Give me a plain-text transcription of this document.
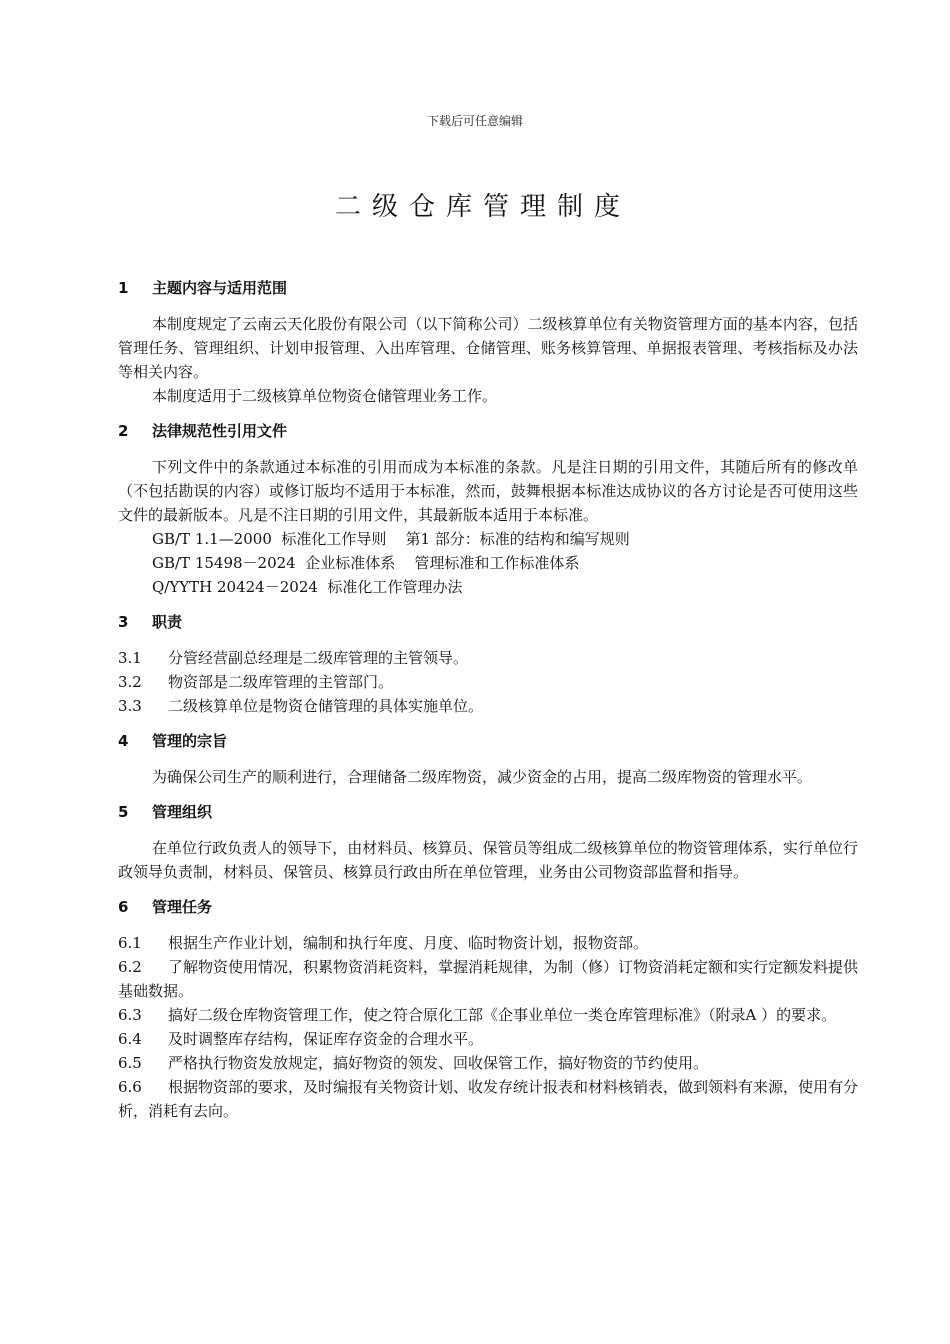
下载后可任意编辑
二级仓库管理制度
1	主题内容与适用范围

本制度规定了云南云天化股份有限公司（以下简称公司）二级核算单位有关物资管理方面的基本内容，包括管理任务、管理组织、计划申报管理、入出库管理、仓储管理、账务核算管理、单据报表管理、考核指标及办法等相关内容。

本制度适用于二级核算单位物资仓储管理业务工作。

2	法律规范性引用文件

下列文件中的条款通过本标准的引用而成为本标准的条款。凡是注日期的引用文件，其随后所有的修改单（不包括勘误的内容）或修订版均不适用于本标准，然而，鼓舞根据本标准达成协议的各方讨论是否可使用这些文件的最新版本。凡是不注日期的引用文件，其最新版本适用于本标准。

GB/T 1.1—2000  标准化工作导则    第1 部分：标准的结构和编写规则

GB/T 15498－2024  企业标准体系    管理标准和工作标准体系

Q/YYTH 20424－2024  标准化工作管理办法

3	职责
3.1	分管经营副总经理是二级库管理的主管领导。
3.2	物资部是二级库管理的主管部门。
3.3	二级核算单位是物资仓储管理的具体实施单位。
4	管理的宗旨

为确保公司生产的顺利进行，合理储备二级库物资，减少资金的占用，提高二级库物资的管理水平。

5	管理组织

在单位行政负责人的领导下，由材料员、核算员、保管员等组成二级核算单位的物资管理体系，实行单位行政领导负责制，材料员、保管员、核算员行政由所在单位管理，业务由公司物资部监督和指导。

6	管理任务
6.1	根据生产作业计划，编制和执行年度、月度、临时物资计划，报物资部。
6.2 了解物资使用情况，积累物资消耗资料，掌握消耗规律，为制（修）订物资消耗定额和实行定额发料提供基础数据。
6.3 搞好二级仓库物资管理工作，使之符合原化工部《企事业单位一类仓库管理标准》（附录A ）的要求。
6.4	及时调整库存结构，保证库存资金的合理水平。
6.5	严格执行物资发放规定，搞好物资的领发、回收保管工作，搞好物资的节约使用。
6.6 根据物资部的要求，及时编报有关物资计划、收发存统计报表和材料核销表，做到领料有来源，使用有分析，消耗有去向。
